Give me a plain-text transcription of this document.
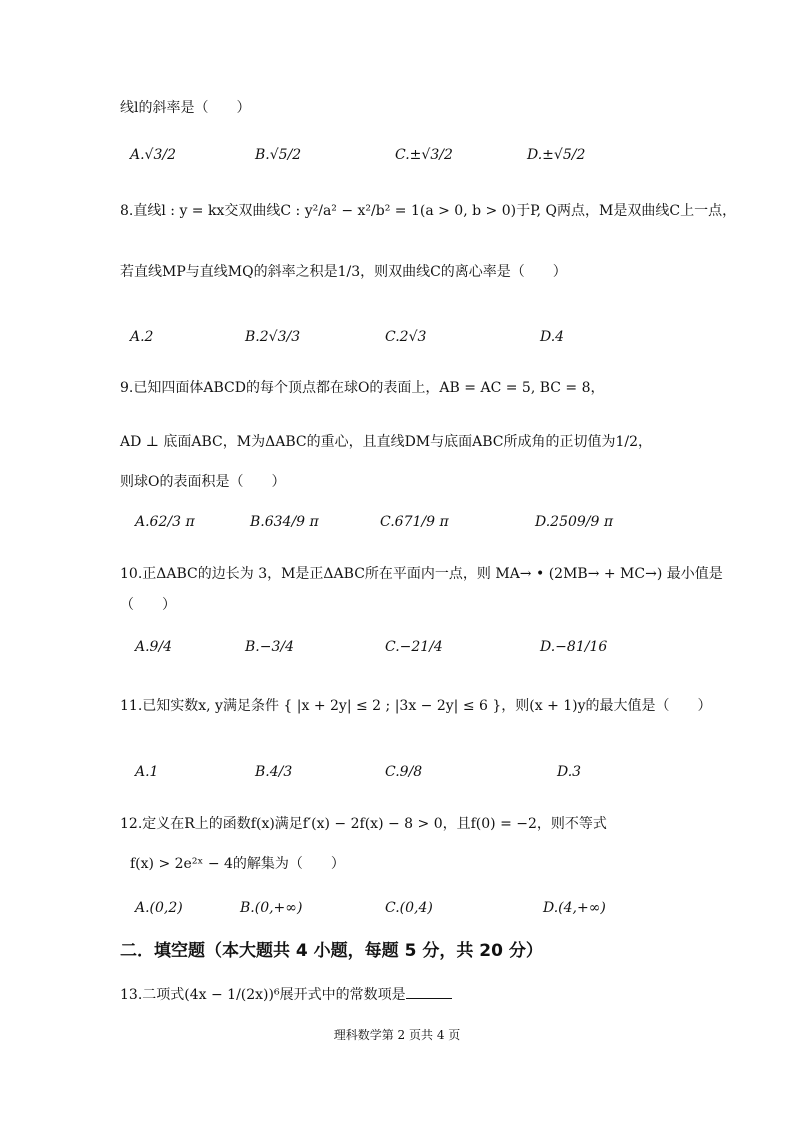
线l的斜率是（　　）
A.√3/2	B.√5/2	C.±√3/2	D.±√5/2
8.直线l : y = kx交双曲线C : y²/a² − x²/b² = 1(a > 0, b > 0)于P, Q两点，M是双曲线C上一点，
若直线MP与直线MQ的斜率之积是1/3，则双曲线C的离心率是（　　）
A.2	B.2√3/3	C.2√3	D.4
9.已知四面体ABCD的每个顶点都在球O的表面上，AB = AC = 5, BC = 8，
AD ⊥ 底面ABC，M为ΔABC的重心，且直线DM与底面ABC所成角的正切值为1/2，
则球O的表面积是（　　）
A.62/3 π	B.634/9 π	C.671/9 π	D.2509/9 π
10.正ΔABC的边长为 3，M是正ΔABC所在平面内一点，则 MA→ • (2MB→ + MC→) 最小值是
（　　）
A.9/4	B.−3/4	C.−21/4	D.−81/16
11.已知实数x, y满足条件 { |x + 2y| ≤ 2 ; |3x − 2y| ≤ 6 }，则(x + 1)y的最大值是（　　）
A.1	B.4/3	C.9/8	D.3
12.定义在R上的函数f(x)满足f′(x) − 2f(x) − 8 > 0，且f(0) = −2，则不等式
f(x) > 2e²ˣ − 4的解集为（　　）
A.(0,2)	B.(0,+∞)	C.(0,4)	D.(4,+∞)
二．填空题（本大题共 4 小题，每题 5 分，共 20 分）
13.二项式(4x − 1/(2x))⁶展开式中的常数项是
理科数学第 2 页共 4 页
